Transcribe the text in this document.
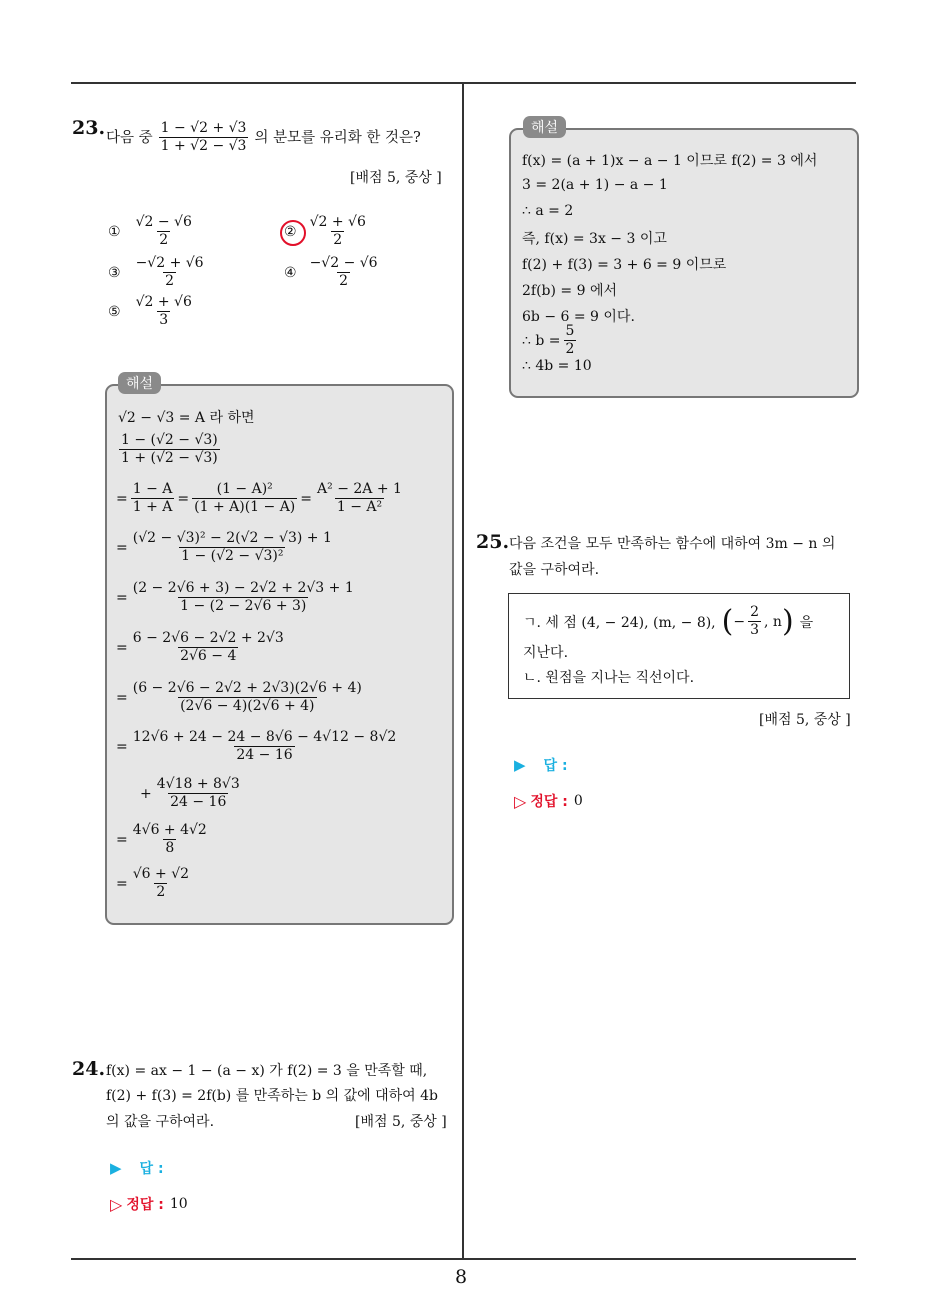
8
23. 다음 중 $\frac{1 - √2 + √3}{1 + √2 - √3}$ 의 분모를 유리화 한 것은?
[배점 5, 중상 ]
① $\frac{√2 - √6}{2}$	② $\frac{√2 + √6}{2}$
③ $\frac{-√2 + √6}{2}$	④ $\frac{-√2 - √6}{2}$
⑤ $\frac{√2 + √6}{3}$
해설
√2 − √3 = A 라 하면
$\frac{1 - (√2 - √3)}{1 + (√2 - √3)}$
= $\frac{1 - A}{1 + A} = \frac{\text{(1 − A)²}}{(1 + A)(1 - A)} = \frac{\text{A² − 2A + 1}}{\text{1 − A²}}$
= $\frac{\text{(√2 − √3)² − 2(√2 − √3) + 1}}{\text{1 − (√2 − √3)²}}$
= $\frac{(2 - 2√6 + 3) - 2√2 + 2√3 + 1}{1 - (2 - 2√6 + 3)}$
= $\frac{6 - 2√6 - 2√2 + 2√3}{2√6 - 4}$
= $\frac{(6 - 2√6 - 2√2 + 2√3)(2√6 + 4)}{(2√6 - 4)(2√6 + 4)}$
= $\frac{12√6 + 24 - 24 - 8√6 - 4√12 - 8√2}{24 - 16}$
+ $\frac{4√18 + 8√3}{24 - 16}$
= $\frac{4√6 + 4√2}{8}$
= $\frac{√6 + √2}{2}$
24. f(x) = ax − 1 − (a − x) 가 f(2) = 3 을 만족할 때,
f(2) + f(3) = 2f(b) 를 만족하는 b 의 값에 대하여 4b
의 값을 구하여라.	[배점 5, 중상 ]
▶ 답 :
▷ 정답 : 10
해설
f(x) = (a + 1)x − a − 1 이므로 f(2) = 3 에서
3 = 2(a + 1) − a − 1
∴ a = 2
즉, f(x) = 3x − 3 이고
f(2) + f(3) = 3 + 6 = 9 이므로
2f(b) = 9 에서
6b − 6 = 9 이다.
∴ $b = \frac{5}{2}$
∴ 4b = 10
25. 다음 조건을 모두 만족하는 함수에 대하여 3m − n 의
값을 구하여라.
ㄱ. 세 점 (4, − 24), (m, − 8), ( − $\frac{2}{3}$ , n ) 을
지난다.
ㄴ. 원점을 지나는 직선이다.
[배점 5, 중상 ]
▶ 답 :
▷ 정답 : 0
